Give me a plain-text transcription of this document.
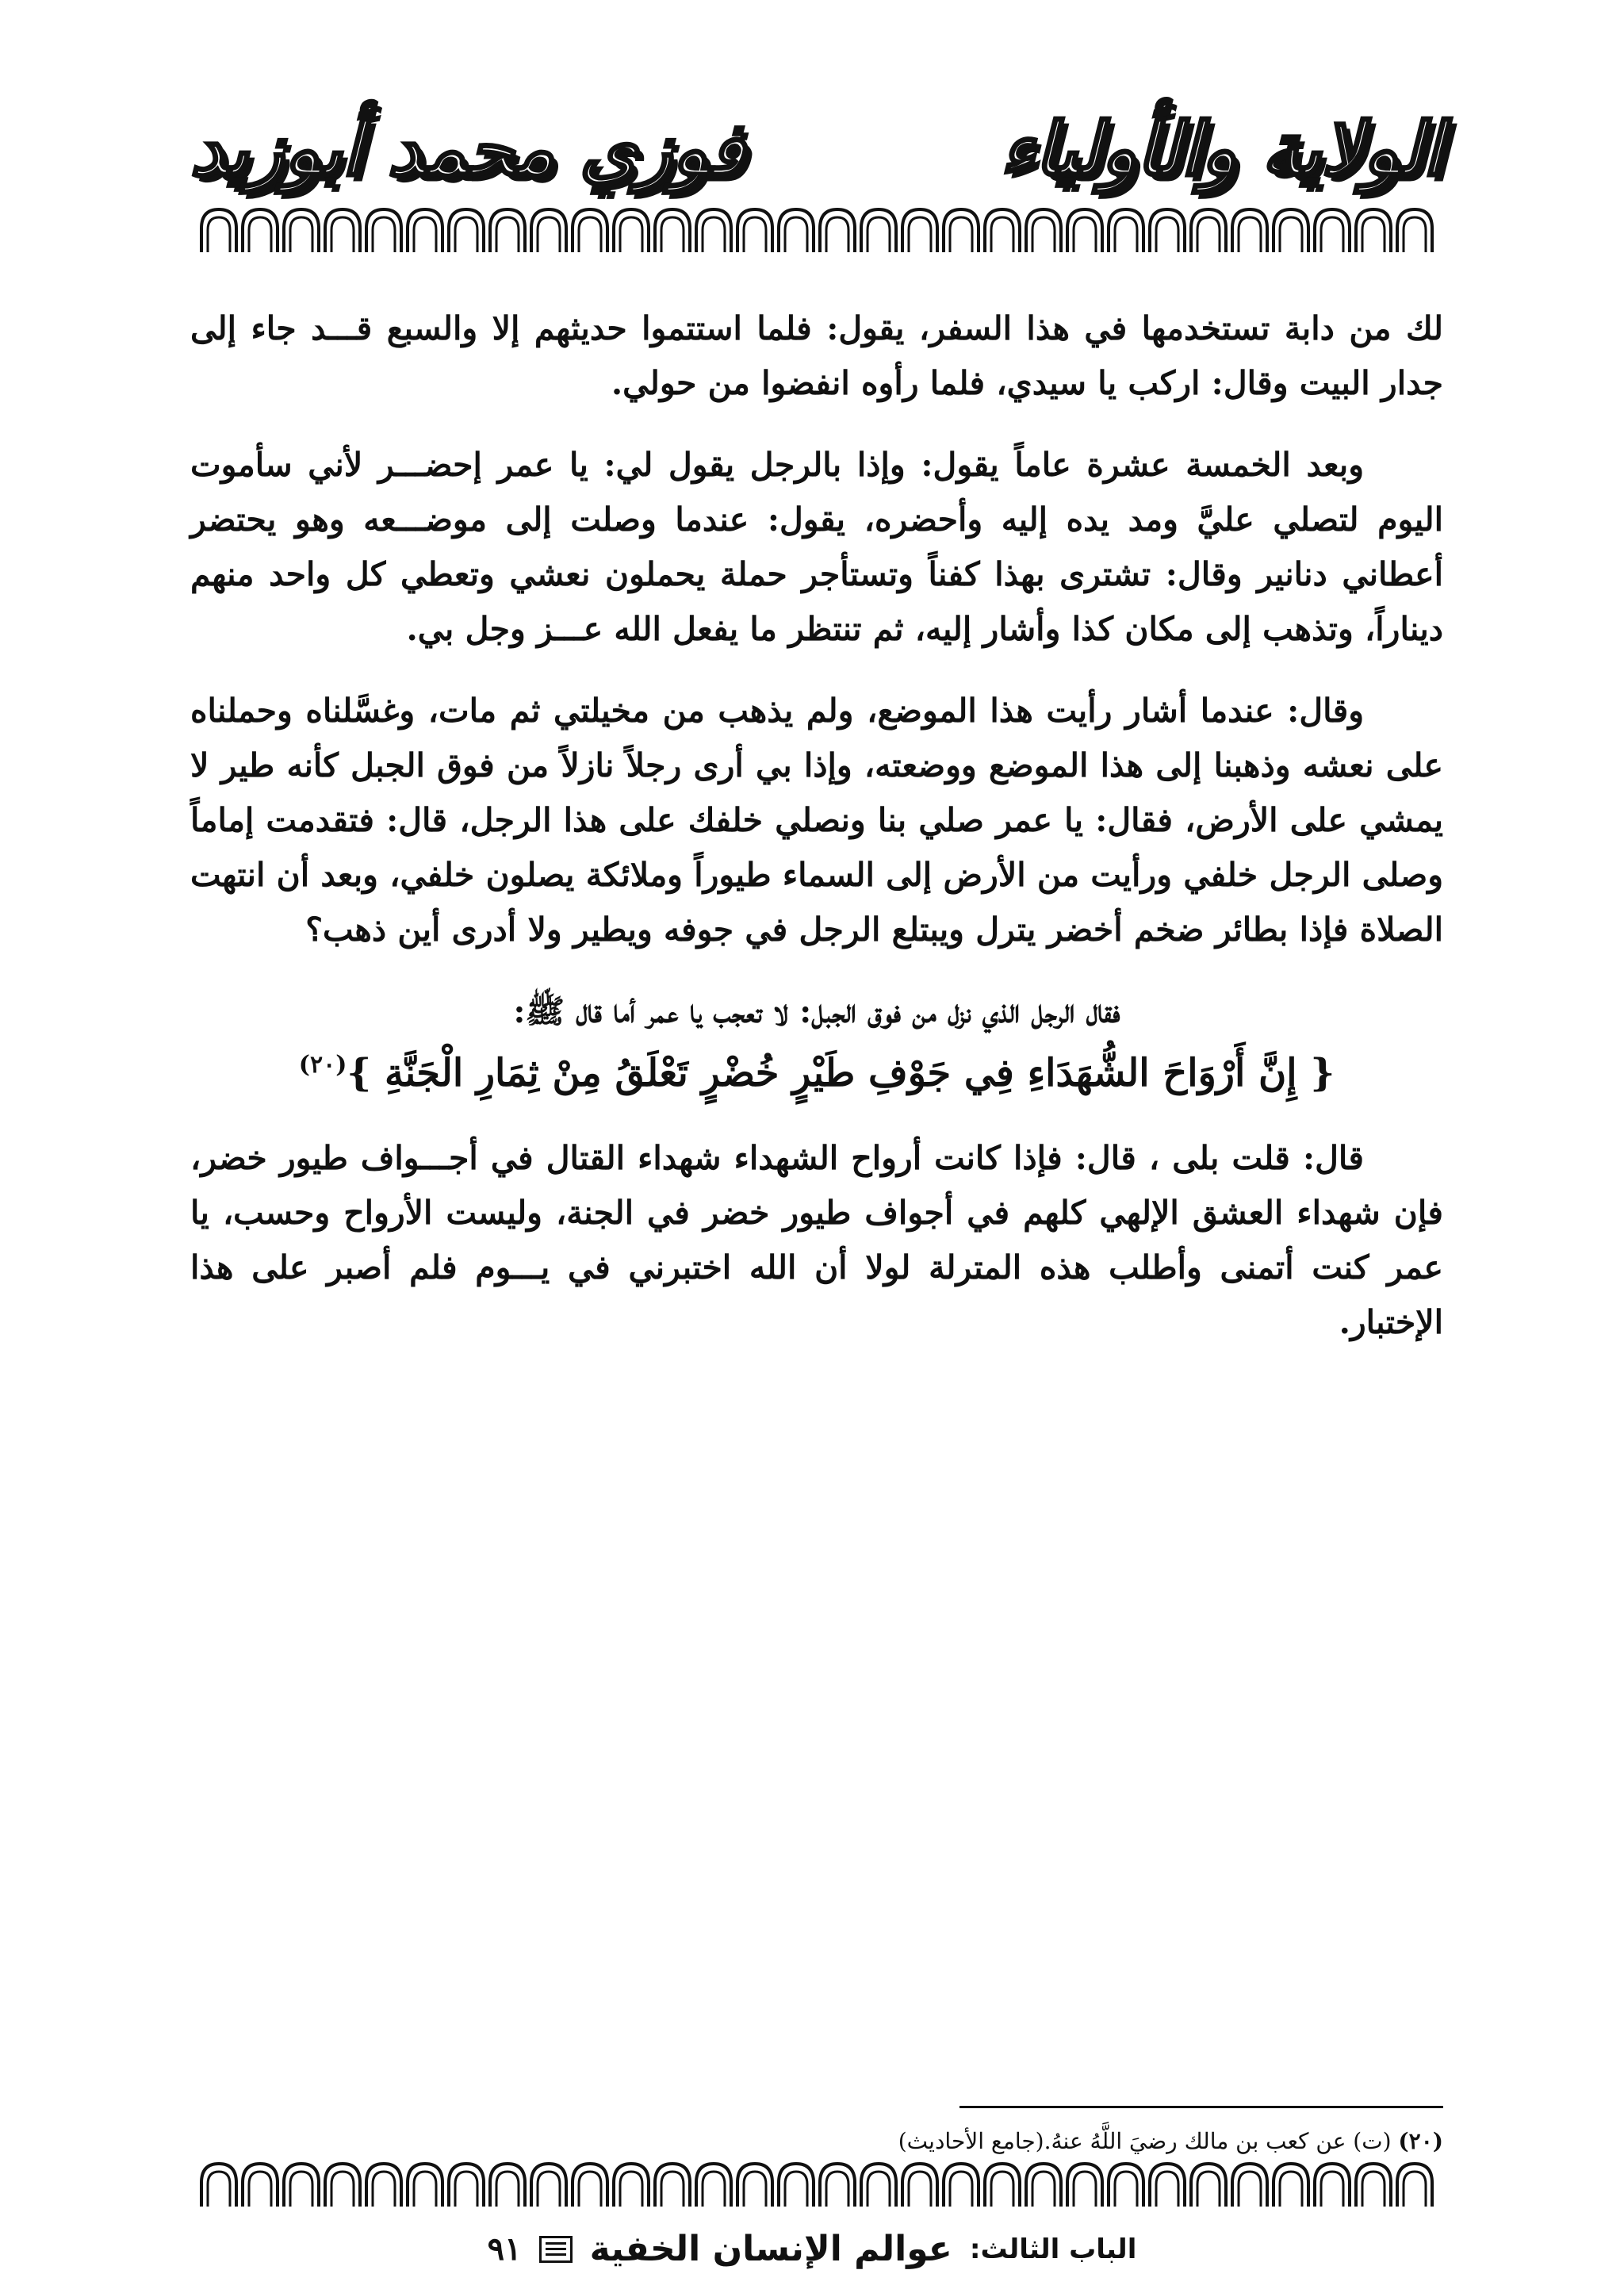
الولاية والأولياء
فوزي محمد أبوزيد

لك من دابة تستخدمها في هذا السفر، يقول: فلما استتموا حديثهم إلا والسبع قـــد جاء إلى جدار البيت وقال: اركب يا سيدي، فلما رأوه انفضوا من حولي.

وبعد الخمسة عشرة عاماً يقول: وإذا بالرجل يقول لي: يا عمر إحضـــر لأني سأموت اليوم لتصلي عليَّ ومد يده إليه وأحضره، يقول: عندما وصلت إلى موضـــعه وهو يحتضر أعطاني دنانير وقال: تشترى بهذا كفناً وتستأجر حملة يحملون نعشي وتعطي كل واحد منهم ديناراً، وتذهب إلى مكان كذا وأشار إليه، ثم تنتظر ما يفعل الله عـــز وجل بي.

وقال: عندما أشار رأيت هذا الموضع، ولم يذهب من مخيلتي ثم مات، وغسَّلناه وحملناه على نعشه وذهبنا إلى هذا الموضع ووضعته، وإذا بي أرى رجلاً نازلاً من فوق الجبل كأنه طير لا يمشي على الأرض، فقال: يا عمر صلي بنا ونصلي خلفك على هذا الرجل، قال: فتقدمت إماماً وصلى الرجل خلفي ورأيت من الأرض إلى السماء طيوراً وملائكة يصلون خلفي، وبعد أن انتهت الصلاة فإذا بطائر ضخم أخضر يترل ويبتلع الرجل في جوفه ويطير ولا أدرى أين ذهب؟

فقال الرجل الذي نزل من فوق الجبل: لا تعجب يا عمر أما قال ﷺ:

{ إِنَّ أَرْوَاحَ الشُّهَدَاءِ فِي جَوْفِ طَيْرٍ خُضْرٍ تَعْلَقُ مِنْ ثِمَارِ الْجَنَّةِ }$^{(٢٠)}$

قال: قلت بلى ، قال: فإذا كانت أرواح الشهداء شهداء القتال في أجـــواف طيور خضر، فإن شهداء العشق الإلهي كلهم في أجواف طيور خضر في الجنة، وليست الأرواح وحسب، يا عمر كنت أتمنى وأطلب هذه المترلة لولا أن الله اختبرني في يـــوم فلم أصبر على هذا الإختبار.

(٢٠) (ت) عن كعب بن مالك رضيَ اللَّهُ عنهُ.(جامع الأحاديث)
الباب الثالث:
عوالم الإنسان الخفية
٩١
